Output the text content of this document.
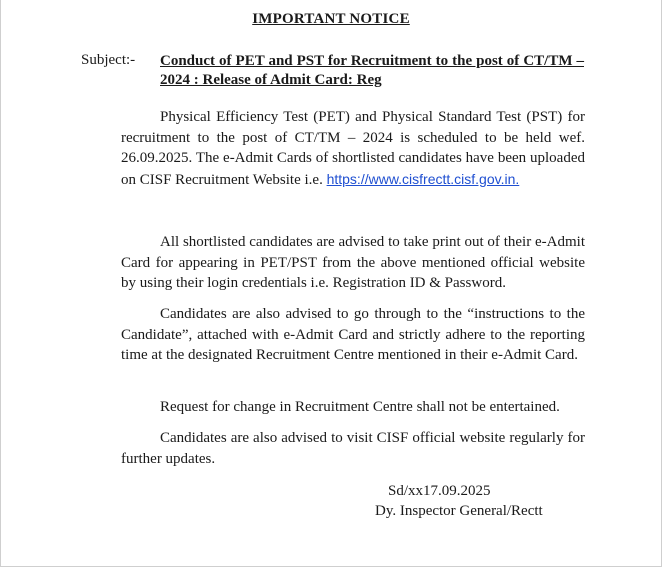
IMPORTANT NOTICE
Subject:- Conduct of PET and PST for Recruitment to the post of CT/TM – 2024 : Release of Admit Card: Reg
Physical Efficiency Test (PET) and Physical Standard Test (PST) for recruitment to the post of CT/TM – 2024 is scheduled to be held wef. 26.09.2025. The e-Admit Cards of shortlisted candidates have been uploaded on CISF Recruitment Website i.e. https://www.cisfrectt.cisf.gov.in.
All shortlisted candidates are advised to take print out of their e-Admit Card for appearing in PET/PST from the above mentioned official website by using their login credentials i.e. Registration ID & Password.
Candidates are also advised to go through to the “instructions to the Candidate”, attached with e-Admit Card and strictly adhere to the reporting time at the designated Recruitment Centre mentioned in their e-Admit Card.
Request for change in Recruitment Centre shall not be entertained.
Candidates are also advised to visit CISF official website regularly for further updates.
Sd/xx17.09.2025
Dy. Inspector General/Rectt
